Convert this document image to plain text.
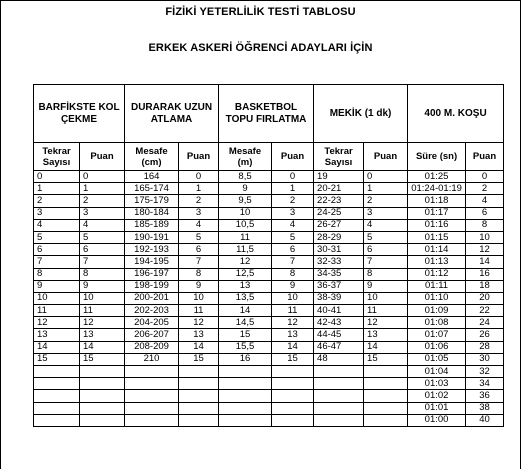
FİZİKİ YETERLİLİK TESTİ TABLOSU
ERKEK ASKERİ ÖĞRENCİ ADAYLARI İÇİN
BARFİKSTE KOL ÇEKME		DURARAK UZUN ATLAMA		BASKETBOL TOPU FIRLATMA		MEKİK (1 dk)		400 M. KOŞU	
Tekrar Sayısı	Puan	Mesafe (cm)	Puan	Mesafe (m)	Puan	Tekrar Sayısı	Puan	Süre (sn)	Puan
0	0	164	0	8,5	0	19	0	01:25	0
1	1	165-174	1	9	1	20-21	1	01:24-01:19	2
2	2	175-179	2	9,5	2	22-23	2	01:18	4
3	3	180-184	3	10	3	24-25	3	01:17	6
4	4	185-189	4	10,5	4	26-27	4	01:16	8
5	5	190-191	5	11	5	28-29	5	01:15	10
6	6	192-193	6	11,5	6	30-31	6	01:14	12
7	7	194-195	7	12	7	32-33	7	01:13	14
8	8	196-197	8	12,5	8	34-35	8	01:12	16
9	9	198-199	9	13	9	36-37	9	01:11	18
10	10	200-201	10	13,5	10	38-39	10	01:10	20
11	11	202-203	11	14	11	40-41	11	01:09	22
12	12	204-205	12	14,5	12	42-43	12	01:08	24
13	13	206-207	13	15	13	44-45	13	01:07	26
14	14	208-209	14	15,5	14	46-47	14	01:06	28
15	15	210	15	16	15	48	15	01:05	30
								01:04	32
								01:03	34
								01:02	36
								01:01	38
								01:00	40
